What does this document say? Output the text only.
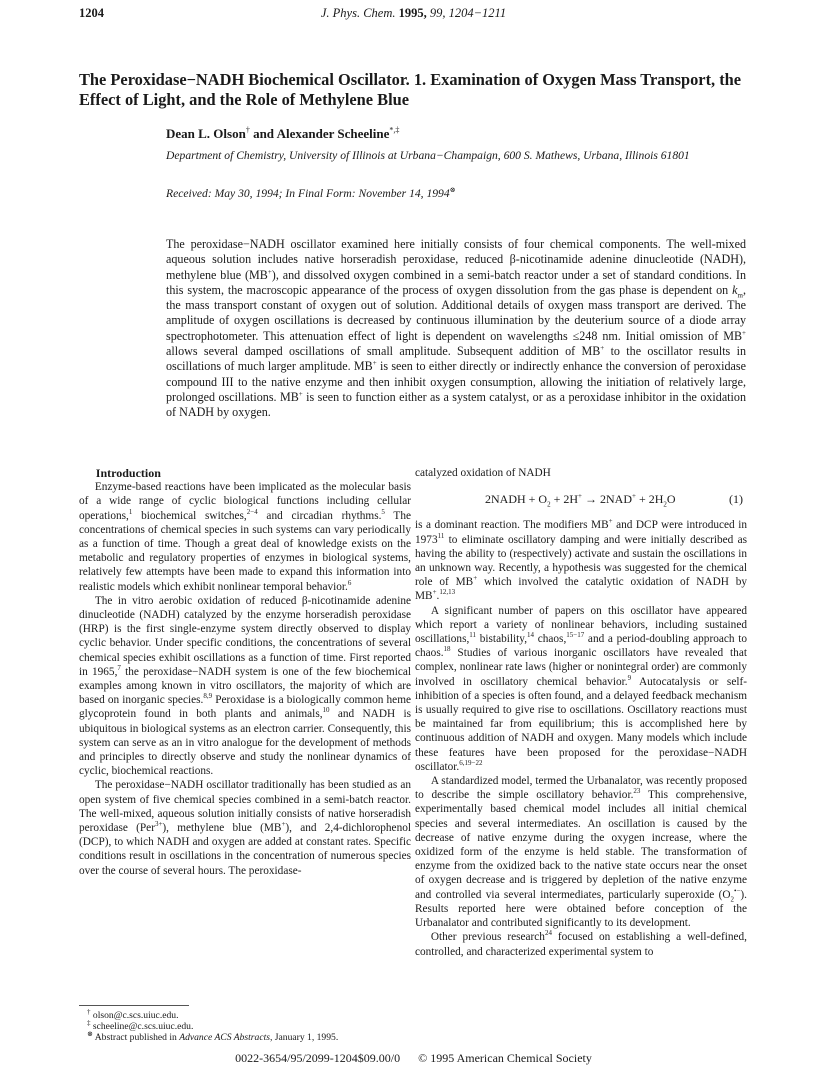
1204	J. Phys. Chem. 1995, 99, 1204−1211
The Peroxidase−NADH Biochemical Oscillator. 1. Examination of Oxygen Mass Transport, the Effect of Light, and the Role of Methylene Blue
Dean L. Olson† and Alexander Scheeline*,‡
Department of Chemistry, University of Illinois at Urbana−Champaign, 600 S. Mathews, Urbana, Illinois 61801
Received: May 30, 1994; In Final Form: November 14, 1994⊗
The peroxidase−NADH oscillator examined here initially consists of four chemical components. The well-mixed aqueous solution includes native horseradish peroxidase, reduced β-nicotinamide adenine dinucleotide (NADH), methylene blue (MB+), and dissolved oxygen combined in a semi-batch reactor under a set of standard conditions. In this system, the macroscopic appearance of the process of oxygen dissolution from the gas phase is dependent on $k_m$, the mass transport constant of oxygen out of solution. Additional details of oxygen mass transport are derived. The amplitude of oxygen oscillations is decreased by continuous illumination by the deuterium source of a diode array spectrophotometer. This attenuation effect of light is dependent on wavelengths ≤248 nm. Initial omission of MB+ allows several damped oscillations of small amplitude. Subsequent addition of MB+ to the oscillator results in oscillations of much larger amplitude. MB+ is seen to either directly or indirectly enhance the conversion of peroxidase compound III to the native enzyme and then inhibit oxygen consumption, allowing the initiation of relatively large, prolonged oscillations. MB+ is seen to function either as a system catalyst, or as a peroxidase inhibitor in the oxidation of NADH by oxygen.

Introduction

Enzyme-based reactions have been implicated as the molecular basis of a wide range of cyclic biological functions including cellular operations,$^1$ biochemical switches,$^{2-4}$ and circadian rhythms.$^5$ The concentrations of chemical species in such systems can vary periodically as a function of time. Though a great deal of knowledge exists on the metabolic and regulatory properties of enzymes in biological systems, relatively few attempts have been made to expand this information into realistic models which exhibit nonlinear temporal behavior.$^6$

The in vitro aerobic oxidation of reduced β-nicotinamide adenine dinucleotide (NADH) catalyzed by the enzyme horseradish peroxidase (HRP) is the first single-enzyme system directly observed to display cyclic behavior. Under specific conditions, the concentrations of several chemical species exhibit oscillations as a function of time. First reported in 1965,$^7$ the peroxidase−NADH system is one of the few biochemical examples among known in vitro oscillators, the majority of which are based on inorganic species.$^{8,9}$ Peroxidase is a biologically common heme glycoprotein found in both plants and animals,$^{10}$ and NADH is ubiquitous in biological systems as an electron carrier. Consequently, this system can serve as an in vitro analogue for the development of methods and principles to directly observe and study the nonlinear dynamics of cyclic, biochemical reactions.

The peroxidase−NADH oscillator traditionally has been studied as an open system of five chemical species combined in a semi-batch reactor. The well-mixed, aqueous solution initially consists of native horseradish peroxidase (Per$^{3+}$), methylene blue (MB+), and 2,4-dichlorophenol (DCP), to which NADH and oxygen are added at constant rates. Specific conditions result in oscillations in the concentration of numerous species over the course of several hours. The peroxidase-

catalyzed oxidation of NADH

2NADH + $O_2 + 2H^+ \to 2NAD^+ + 2H_2O$	(1)

is a dominant reaction. The modifiers MB+ and DCP were introduced in 1973$^{11}$ to eliminate oscillatory damping and were initially described as having the ability to (respectively) activate and sustain the oscillations in an unknown way. Recently, a hypothesis was suggested for the chemical role of MB+ which involved the catalytic oxidation of NADH by MB+.$^{12,13}$

A significant number of papers on this oscillator have appeared which report a variety of nonlinear behaviors, including sustained oscillations,$^{11}$ bistability,$^{14}$ chaos,$^{15-17}$ and a period-doubling approach to chaos.$^{18}$ Studies of various inorganic oscillators have revealed that complex, nonlinear rate laws (higher or nonintegral order) are commonly involved in oscillatory chemical behavior.$^9$ Autocatalysis or self-inhibition of a species is often found, and a delayed feedback mechanism is usually required to give rise to oscillations. Oscillatory reactions must be maintained far from equilibrium; this is accomplished here by continuous addition of NADH and oxygen. Many models which include these features have been proposed for the peroxidase−NADH oscillator.$^{6,19-22}$

A standardized model, termed the Urbanalator, was recently proposed to describe the simple oscillatory behavior.$^{23}$ This comprehensive, experimentally based chemical model includes all initial chemical species and several intermediates. An oscillation is caused by the decrease of native enzyme during the oxygen increase, where the oxidized form of the enzyme is held stable. The transformation of enzyme from the oxidized back to the native state occurs near the onset of oxygen decrease and is triggered by depletion of the native enzyme and controlled via several intermediates, particularly superoxide $(O_2^{•-})$. Results reported here were obtained before conception of the Urbanalator and contributed significantly to its development.

Other previous research$^{24}$ focused on establishing a well-defined, controlled, and characterized experimental system to

† olson@c.scs.uiuc.edu.
‡ scheeline@c.scs.uiuc.edu.
⊗ Abstract published in Advance ACS Abstracts, January 1, 1995.
0022-3654/95/2099-1204$09.00/0 © 1995 American Chemical Society
